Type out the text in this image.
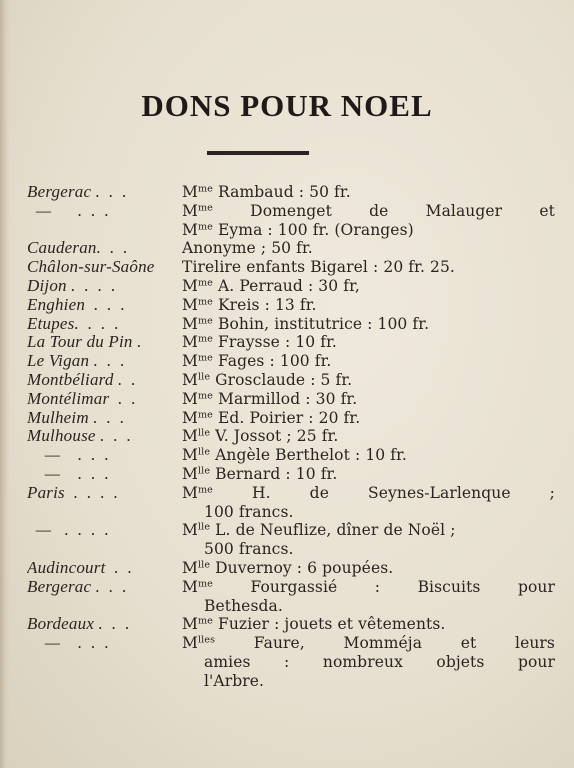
DONS POUR NOEL
Bergerac .  .  .	$M^{me}$ Rambaud : 50 fr.
—      .  .  .	$M^{me}$ Domenget de Malauger et
$M^{me}$ Eyma : 100 fr. (Oranges)
Cauderan.  .  .	Anonyme ; 50 fr.
Châlon-sur-Saône	Tirelire enfants Bigarel : 20 fr. 25.
Dijon .  .  .  .	$M^{me}$ A. Perraud : 30 fr,
Enghien  .  .  .	$M^{me}$ Kreis : 13 fr.
Etupes.  .  .  .	$M^{me}$ Bohin, institutrice : 100 fr.
La Tour du Pin .	$M^{me}$ Fraysse : 10 fr.
Le Vigan .  .  .	$M^{me}$ Fages : 100 fr.
Montbéliard .  .	$M^{lle}$ Grosclaude : 5 fr.
Montélimar  .  .	$M^{me}$ Marmillod : 30 fr.
Mulheim .  .  .	$M^{me}$ Ed. Poirier : 20 fr.
Mulhouse .  .  .	$M^{lle}$ V. Jossot ; 25 fr.
—    .  .  .	$M^{lle}$ Angèle Berthelot : 10 fr.
—    .  .  .	$M^{lle}$ Bernard : 10 fr.
Paris  .  .  .  .	$M^{me}$ H. de Seynes-Larlenque ;
100 francs.
—   .  .  .  .	$M^{lle}$ L. de Neuflize, dîner de Noël ;
500 francs.
Audincourt  .  .	$M^{lle}$ Duvernoy : 6 poupées.
Bergerac .  .  .	$M^{me}$ Fourgassié : Biscuits pour
Bethesda.
Bordeaux .  .  .	$M^{me}$ Fuzier : jouets et vêtements.
—    .  .  .	$M^{lles}$ Faure, Momméja et leurs
amies : nombreux objets pour
l'Arbre.
